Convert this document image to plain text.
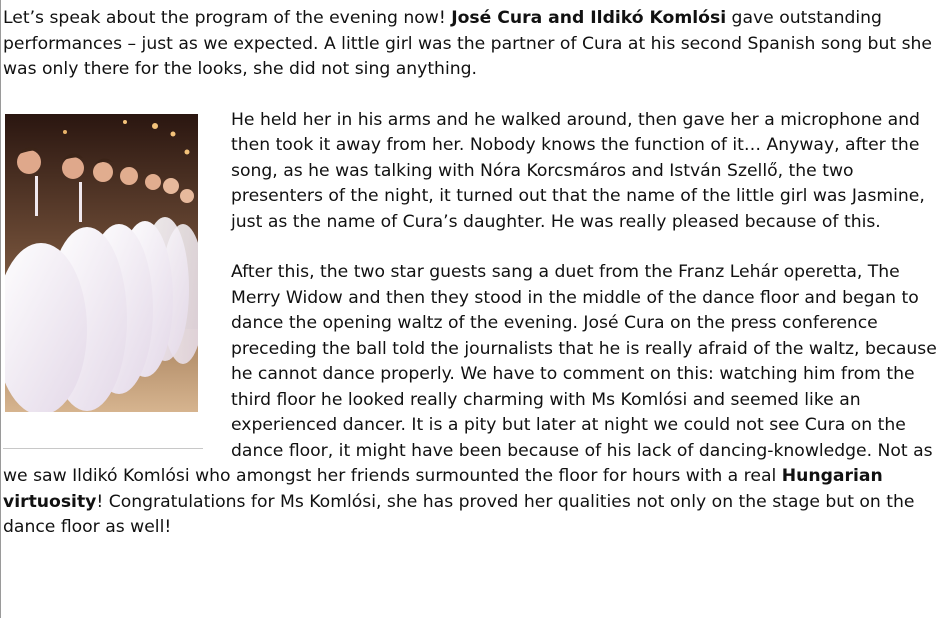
Let’s speak about the program of the evening now! José Cura and Ildikó Komlósi gave outstanding performances – just as we expected. A little girl was the partner of Cura at his second Spanish song but she was only there for the looks, she did not sing anything.

He held her in his arms and he walked around, then gave her a microphone and then took it away from her. Nobody knows the function of it… Anyway, after the song, as he was talking with Nóra Korcsmáros and István Szellő, the two presenters of the night, it turned out that the name of the little girl was Jasmine, just as the name of Cura’s daughter. He was really pleased because of this.

After this, the two star guests sang a duet from the Franz Lehár operetta, The Merry Widow and then they stood in the middle of the dance floor and began to dance the opening waltz of the evening. José Cura on the press conference preceding the ball told the journalists that he is really afraid of the waltz, because he cannot dance properly. We have to comment on this: watching him from the third floor he looked really charming with Ms Komlósi and seemed like an experienced dancer. It is a pity but later at night we could not see Cura on the dance floor, it might have been because of his lack of dancing-knowledge. Not as we saw Ildikó Komlósi who amongst her friends surmounted the floor for hours with a real Hungarian virtuosity! Congratulations for Ms Komlósi, she has proved her qualities not only on the stage but on the dance floor as well!
